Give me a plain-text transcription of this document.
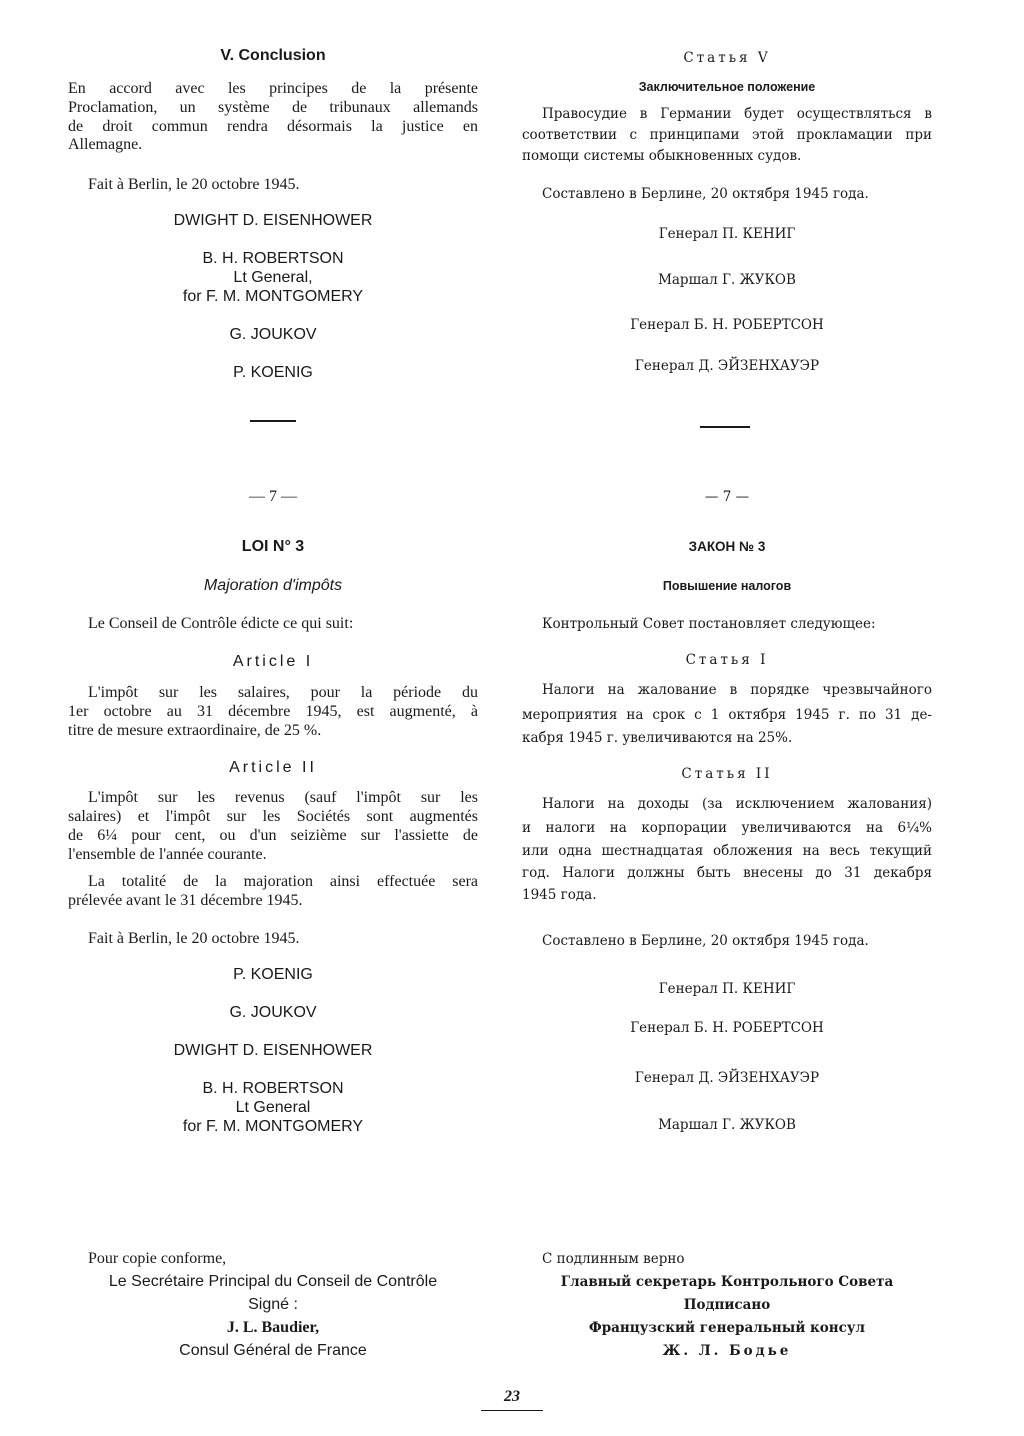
V. Conclusion
En accord avec les principes de la présente
Proclamation, un système de tribunaux allemands
de droit commun rendra désormais la justice en
Allemagne.
Fait à Berlin, le 20 octobre 1945.
DWIGHT D. EISENHOWER
B. H. ROBERTSON
Lt General,
for F. M. MONTGOMERY
G. JOUKOV
P. KOENIG
— 7 —
LOI N° 3
Majoration d'impôts
Le Conseil de Contrôle édicte ce qui suit:
Article I
L'impôt sur les salaires, pour la période du
1er octobre au 31 décembre 1945, est augmenté, à
titre de mesure extraordinaire, de 25 %.
Article II
L'impôt sur les revenus (sauf l'impôt sur les
salaires) et l'impôt sur les Sociétés sont augmentés
de 6¼ pour cent, ou d'un seizième sur l'assiette de
l'ensemble de l'année courante.
La totalité de la majoration ainsi effectuée sera
prélevée avant le 31 décembre 1945.
Fait à Berlin, le 20 octobre 1945.
P. KOENIG
G. JOUKOV
DWIGHT D. EISENHOWER
B. H. ROBERTSON
Lt General
for F. M. MONTGOMERY
Pour copie conforme,
Le Secrétaire Principal du Conseil de Contrôle
Signé :
J. L. Baudier,
Consul Général de France
Статья V
Заключительное положение
Правосудие в Германии будет осуществляться в
соответствии с принципами этой прокламации при
помощи системы обыкновенных судов.
Составлено в Берлине, 20 октября 1945 года.
Генерал П. КЕНИГ
Маршал Г. ЖУКОВ
Генерал Б. Н. РОБЕРТСОН
Генерал Д. ЭЙЗЕНХАУЭР
— 7 —
ЗАКОН № 3
Повышение налогов
Контрольный Совет постановляет следующее:
Статья I
Налоги на жалование в порядке чрезвычайного
мероприятия на срок с 1 октября 1945 г. по 31 де-
кабря 1945 г. увеличиваются на 25%.
Статья II
Налоги на доходы (за исключением жалования)
и налоги на корпорации увеличиваются на 6¼%
или одна шестнадцатая обложения на весь текущий
год. Налоги должны быть внесены до 31 декабря
1945 года.
Составлено в Берлине, 20 октября 1945 года.
Генерал П. КЕНИГ
Генерал Б. Н. РОБЕРТСОН
Генерал Д. ЭЙЗЕНХАУЭР
Маршал Г. ЖУКОВ
С подлинным верно
Главный секретарь Контрольного Совета
Подписано
Французский генеральный консул
Ж. Л. Бодье
23
